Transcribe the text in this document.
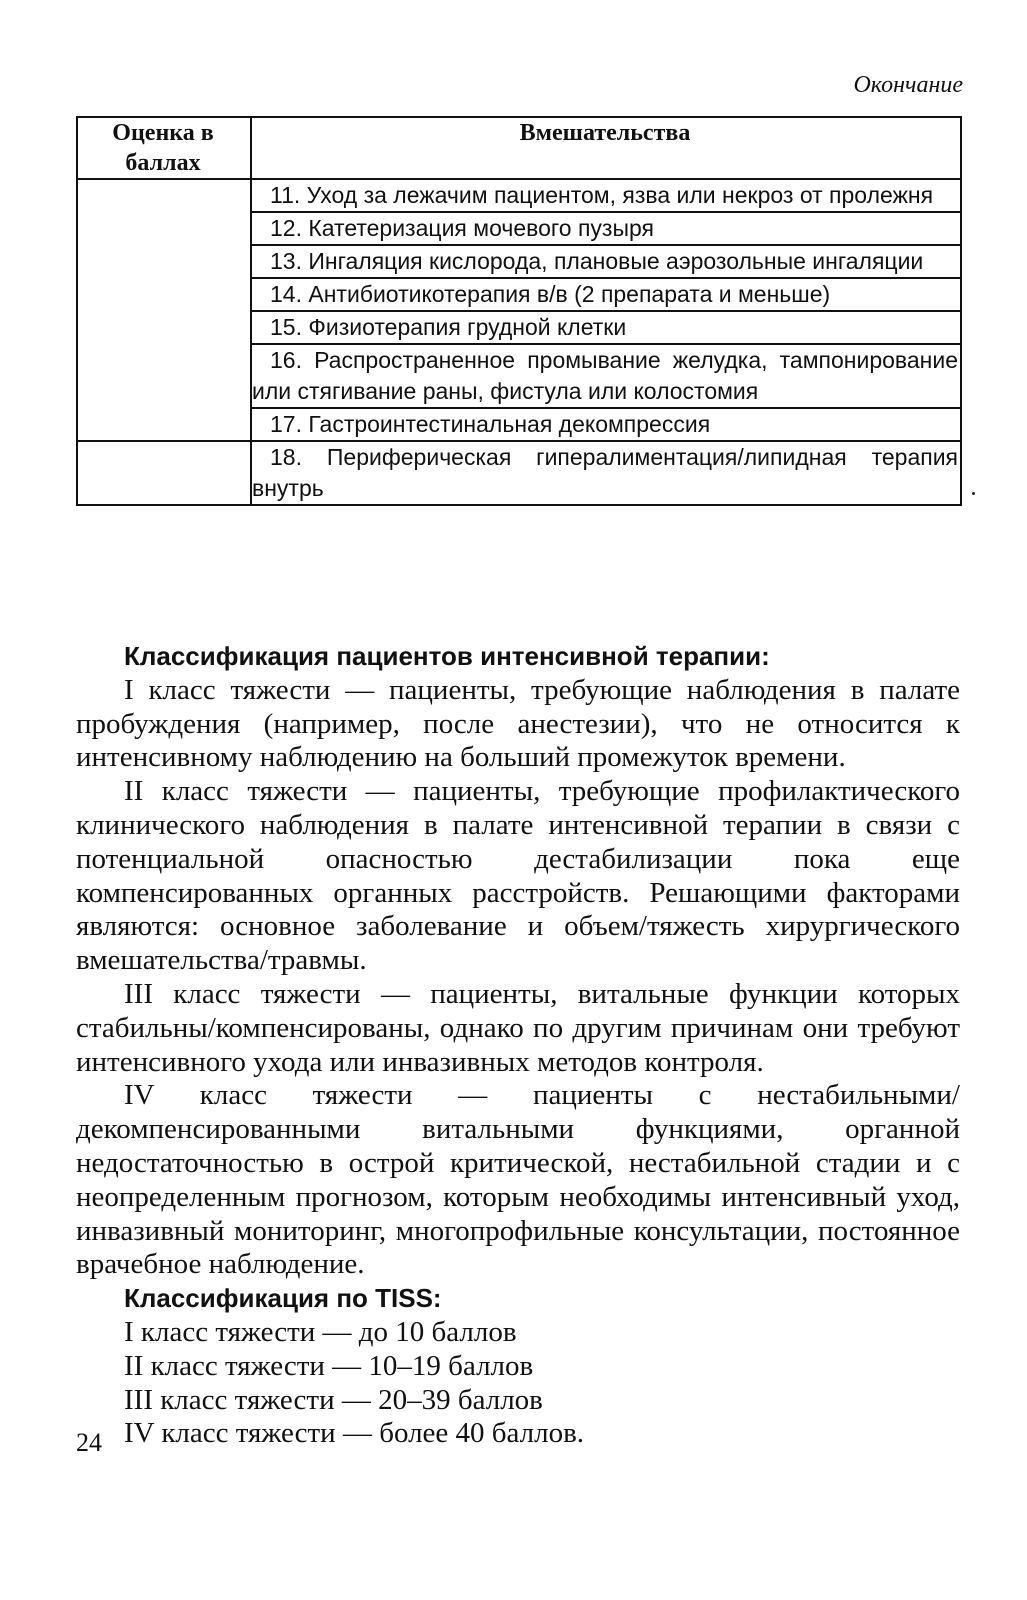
Окончание
Оценка в баллах	Вмешательства

	11. Уход за лежачим пациентом, язва или некроз от пролежня

	12. Катетеризация мочевого пузыря

	13. Ингаляция кислорода, плановые аэрозольные ингаляции

	14. Антибиотикотерапия в/в (2 препарата и меньше)

	15. Физиотерапия грудной клетки

	16. Распространенное промывание желудка, тампонирование или стягивание раны, фистула или колостомия

	17. Гастроинтестинальная декомпрессия

	18. Периферическая гипералиментация/липидная терапия внутрь

Классификация пациентов интенсивной терапии:

I класс тяжести — пациенты, требующие наблюдения в палате пробуждения (например, после анестезии), что не относится к интенсивному наблюдению на больший промежуток времени.

II класс тяжести — пациенты, требующие профилактического клинического наблюдения в палате интенсивной терапии в связи с потенциальной опасностью дестабилизации пока еще компенсированных органных расстройств. Решающими факторами являются: основное заболевание и объем/тяжесть хирургического вмешательства/травмы.

III класс тяжести — пациенты, витальные функции которых стабильны/компенсированы, однако по другим причинам они требуют интенсивного ухода или инвазивных методов контроля.

IV класс тяжести — пациенты с нестабильными/декомпенсированными витальными функциями, органной недостаточностью в острой критической, нестабильной стадии и с неопределенным прогнозом, которым необходимы интенсивный уход, инвазивный мониторинг, многопрофильные консультации, постоянное врачебное наблюдение.

Классификация по TISS:

I класс тяжести — до 10 баллов

II класс тяжести — 10–19 баллов

III класс тяжести — 20–39 баллов

IV класс тяжести — более 40 баллов.

24
